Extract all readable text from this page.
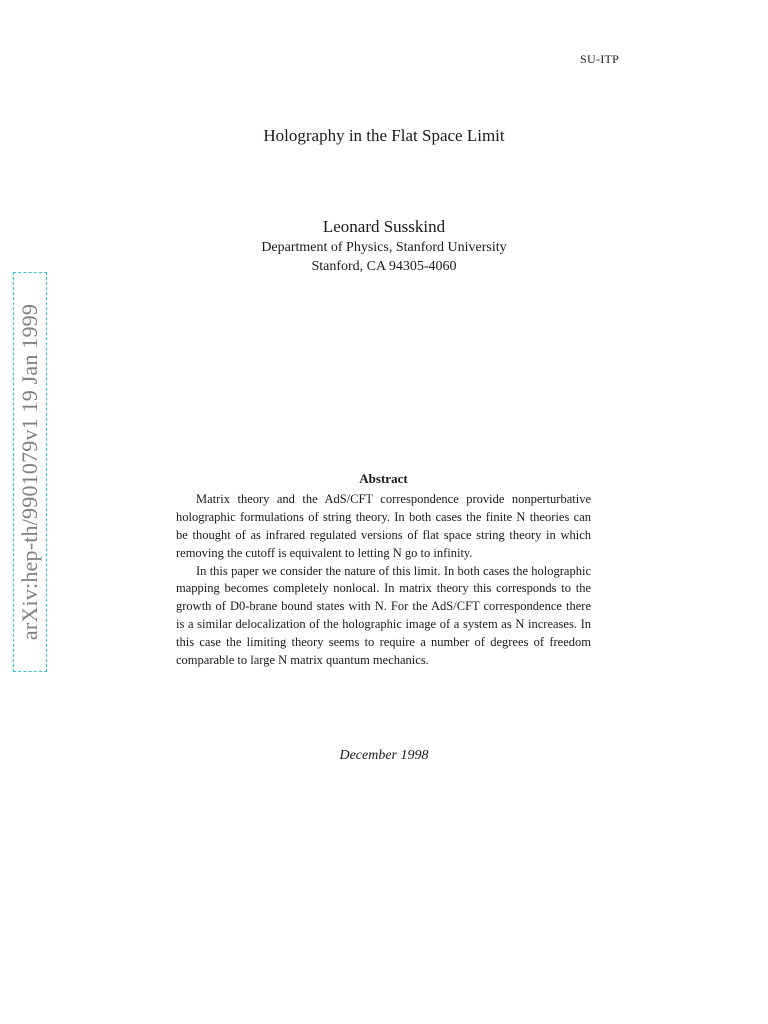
SU-ITP
Holography in the Flat Space Limit
Leonard Susskind
Department of Physics, Stanford University
Stanford, CA 94305-4060
arXiv:hep-th/9901079v1 19 Jan 1999	Abstract

Matrix theory and the AdS/CFT correspondence provide nonperturbative holographic formulations of string theory. In both cases the finite N theories can be thought of as infrared regulated versions of flat space string theory in which removing the cutoff is equivalent to letting N go to infinity.

In this paper we consider the nature of this limit. In both cases the holographic mapping becomes completely nonlocal. In matrix theory this corresponds to the growth of D0-brane bound states with N. For the AdS/CFT correspondence there is a similar delocalization of the holographic image of a system as N increases. In this case the limiting theory seems to require a number of degrees of freedom comparable to large N matrix quantum mechanics.

December 1998
